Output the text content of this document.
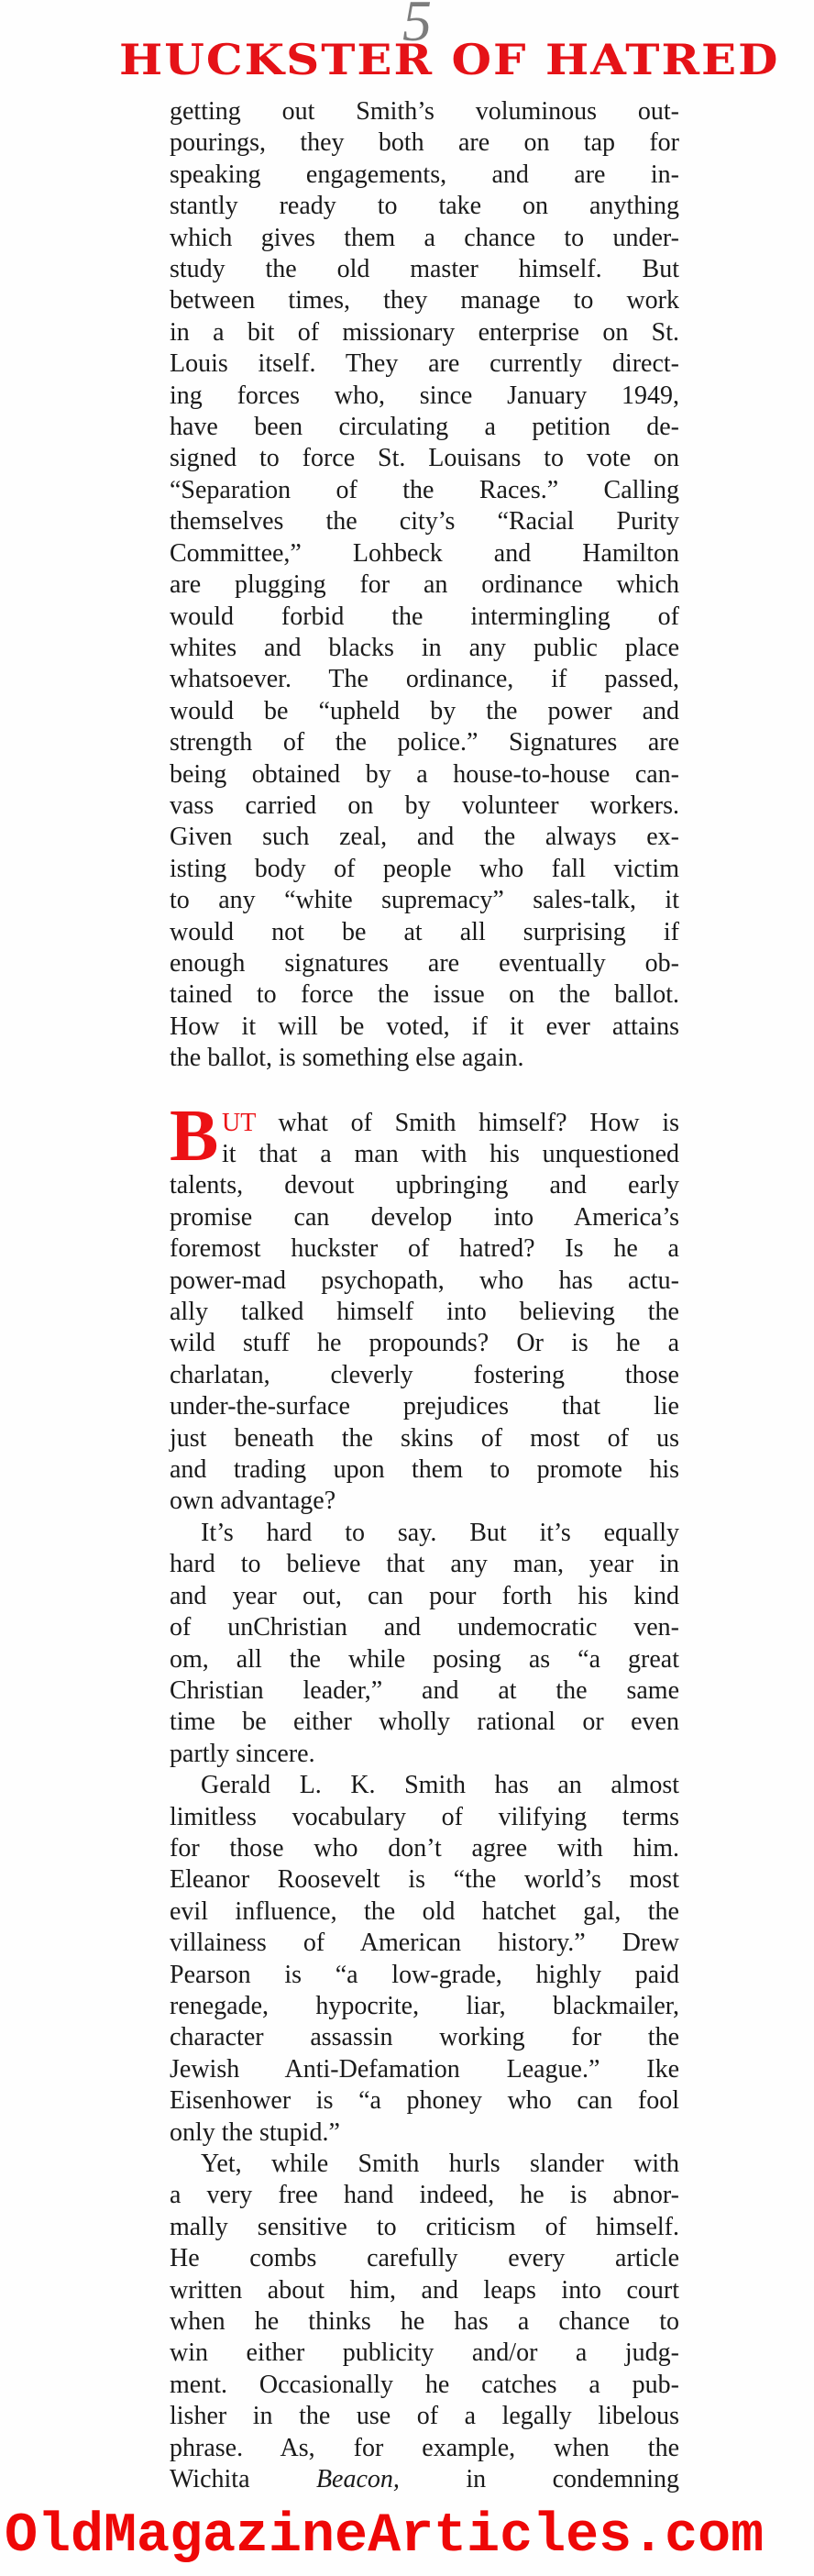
5
HUCKSTER OF HATRED
getting out Smith’s voluminous out-
pourings, they both are on tap for
speaking engagements, and are in-
stantly ready to take on anything
which gives them a chance to under-
study the old master himself. But
between times, they manage to work
in a bit of missionary enterprise on St.
Louis itself. They are currently direct-
ing forces who, since January 1949,
have been circulating a petition de-
signed to force St. Louisans to vote on
“Separation of the Races.” Calling
themselves the city’s “Racial Purity
Committee,” Lohbeck and Hamilton
are plugging for an ordinance which
would forbid the intermingling of
whites and blacks in any public place
whatsoever. The ordinance, if passed,
would be “upheld by the power and
strength of the police.” Signatures are
being obtained by a house-to-house can-
vass carried on by volunteer workers.
Given such zeal, and the always ex-
isting body of people who fall victim
to any “white supremacy” sales-talk, it
would not be at all surprising if
enough signatures are eventually ob-
tained to force the issue on the ballot.
How it will be voted, if it ever attains
the ballot, is something else again.
B UT what of Smith himself? How is
it that a man with his unquestioned
talents, devout upbringing and early
promise can develop into America’s
foremost huckster of hatred? Is he a
power-mad psychopath, who has actu-
ally talked himself into believing the
wild stuff he propounds? Or is he a
charlatan, cleverly fostering those
under-the-surface prejudices that lie
just beneath the skins of most of us
and trading upon them to promote his
own advantage?
It’s hard to say. But it’s equally
hard to believe that any man, year in
and year out, can pour forth his kind
of unChristian and undemocratic ven-
om, all the while posing as “a great
Christian leader,” and at the same
time be either wholly rational or even
partly sincere.
Gerald L. K. Smith has an almost
limitless vocabulary of vilifying terms
for those who don’t agree with him.
Eleanor Roosevelt is “the world’s most
evil influence, the old hatchet gal, the
villainess of American history.” Drew
Pearson is “a low-grade, highly paid
renegade, hypocrite, liar, blackmailer,
character assassin working for the
Jewish Anti-Defamation League.” Ike
Eisenhower is “a phoney who can fool
only the stupid.”
Yet, while Smith hurls slander with
a very free hand indeed, he is abnor-
mally sensitive to criticism of himself.
He combs carefully every article
written about him, and leaps into court
when he thinks he has a chance to
win either publicity and/or a judg-
ment. Occasionally he catches a pub-
lisher in the use of a legally libelous
phrase. As, for example, when the
Wichita Beacon, in condemning
OldMagazineArticles.com
